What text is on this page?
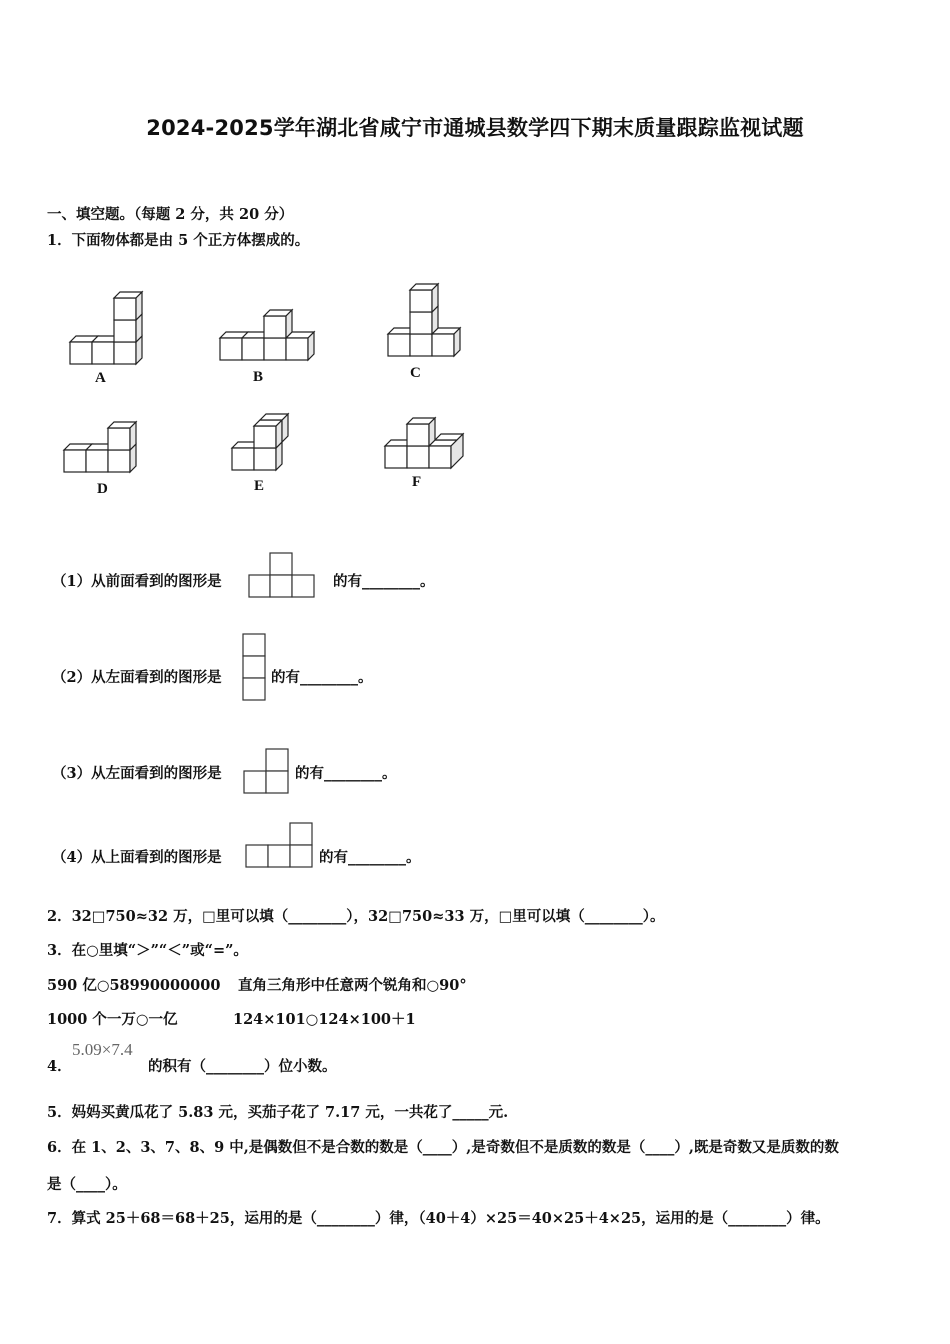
2024-2025学年湖北省咸宁市通城县数学四下期末质量跟踪监视试题
一、填空题。（每题 2 分，共 20 分）
1．下面物体都是由 5 个正方体摆成的。
A	B	C
D	E	F
（1）从前面看到的图形是	的有________。
（2）从左面看到的图形是	的有________。
（3）从左面看到的图形是	的有________。
（4）从上面看到的图形是	的有________。
2．32□750≈32 万，□里可以填（________），32□750≈33 万，□里可以填（________）。
3．在○里填“＞”“＜”或“=”。
590 亿○58990000000 直角三角形中任意两个锐角和○90°
1000 个一万○一亿	124×101○124×100＋1
4．
5.09×7.4
的积有（________）位小数。
5．妈妈买黄瓜花了 5.83 元，买茄子花了 7.17 元，一共花了_____元.
6．在 1、2、3、7、8、9 中,是偶数但不是合数的数是（____）,是奇数但不是质数的数是（____）,既是奇数又是质数的数
是（____）。
7．算式 25＋68＝68＋25，运用的是（________）律，（40＋4）×25＝40×25＋4×25，运用的是（________）律。
